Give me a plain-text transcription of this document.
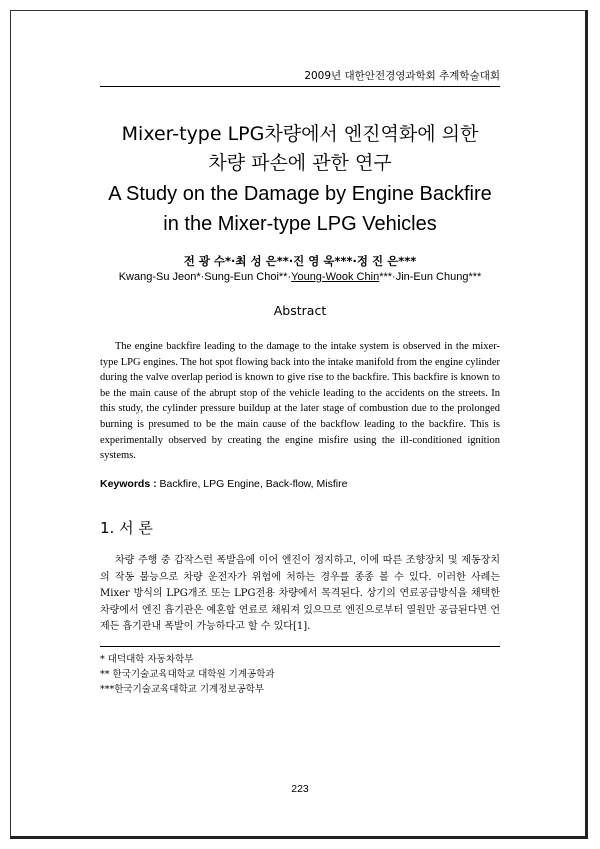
2009년 대한안전경영과학회 추계학술대회
Mixer-type LPG차량에서 엔진역화에 의한
차량 파손에 관한 연구
A Study on the Damage by Engine Backfire
in the Mixer-type LPG Vehicles
전 광 수*·최 성 은**·진 영 욱***·정 진 은***
Kwang-Su Jeon*·Sung-Eun Choi**·Young-Wook Chin***·Jin-Eun Chung***
Abstract
The engine backfire leading to the damage to the intake system is observed in the mixer-type LPG engines. The hot spot flowing back into the intake manifold from the engine cylinder during the valve overlap period is known to give rise to the backfire. This backfire is known to be the main cause of the abrupt stop of the vehicle leading to the accidents on the streets. In this study, the cylinder pressure buildup at the later stage of combustion due to the prolonged burning is presumed to be the main cause of the backflow leading to the backfire. This is experimentally observed by creating the engine misfire using the ill-conditioned ignition systems.
Keywords : Backfire, LPG Engine, Back-flow, Misfire
1. 서 론
차량 주행 중 갑작스런 폭발음에 이어 엔진이 정지하고, 이에 따른 조향장치 및 제동장치의 작동 불능으로 차량 운전자가 위험에 처하는 경우를 종종 볼 수 있다. 이러한 사례는 Mixer 방식의 LPG개조 또는 LPG전용 차량에서 목격된다. 상기의 연료공급방식을 채택한 차량에서 엔진 흡기관은 예혼합 연료로 채워져 있으므로 엔진으로부터 열원만 공급된다면 언제든 흡기관내 폭발이 가능하다고 할 수 있다[1].
* 대덕대학 자동차학부
** 한국기술교육대학교 대학원 기계공학과
***한국기술교육대학교 기계정보공학부
223
